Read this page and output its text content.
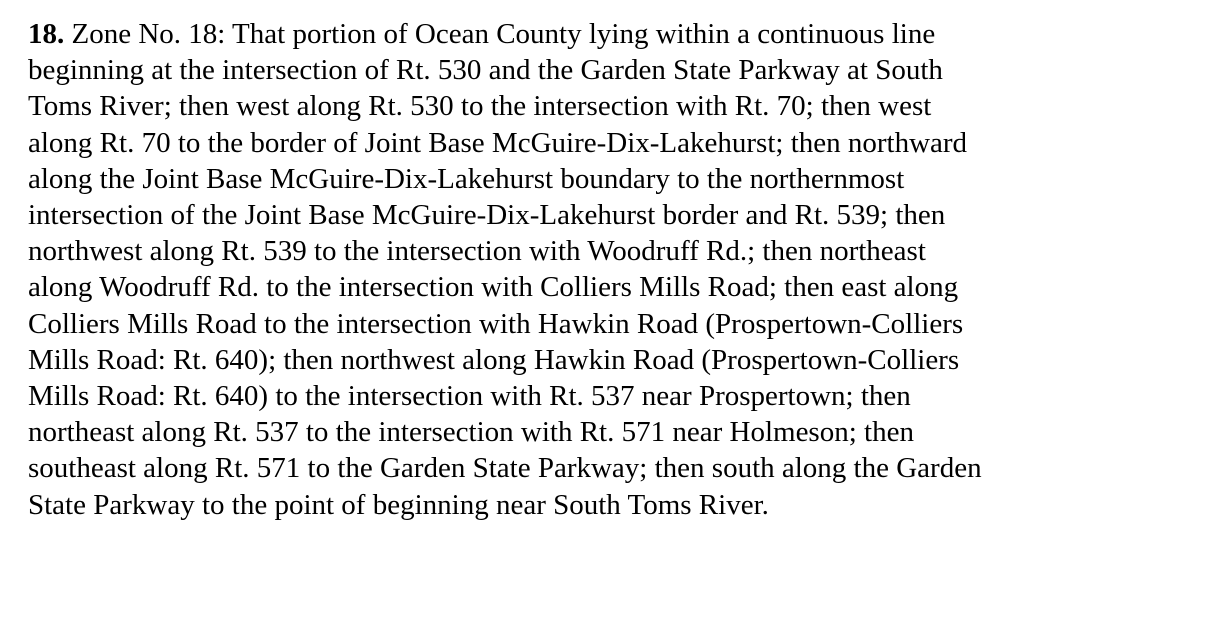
18. Zone No. 18: That portion of Ocean County lying within a continuous line
beginning at the intersection of Rt. 530 and the Garden State Parkway at South
Toms River; then west along Rt. 530 to the intersection with Rt. 70; then west
along Rt. 70 to the border of Joint Base McGuire-Dix-Lakehurst; then northward
along the Joint Base McGuire-Dix-Lakehurst boundary to the northernmost
intersection of the Joint Base McGuire-Dix-Lakehurst border and Rt. 539; then
northwest along Rt. 539 to the intersection with Woodruff Rd.; then northeast
along Woodruff Rd. to the intersection with Colliers Mills Road; then east along
Colliers Mills Road to the intersection with Hawkin Road (Prospertown-Colliers
Mills Road: Rt. 640); then northwest along Hawkin Road (Prospertown-Colliers
Mills Road: Rt. 640) to the intersection with Rt. 537 near Prospertown; then
northeast along Rt. 537 to the intersection with Rt. 571 near Holmeson; then
southeast along Rt. 571 to the Garden State Parkway; then south along the Garden
State Parkway to the point of beginning near South Toms River.
